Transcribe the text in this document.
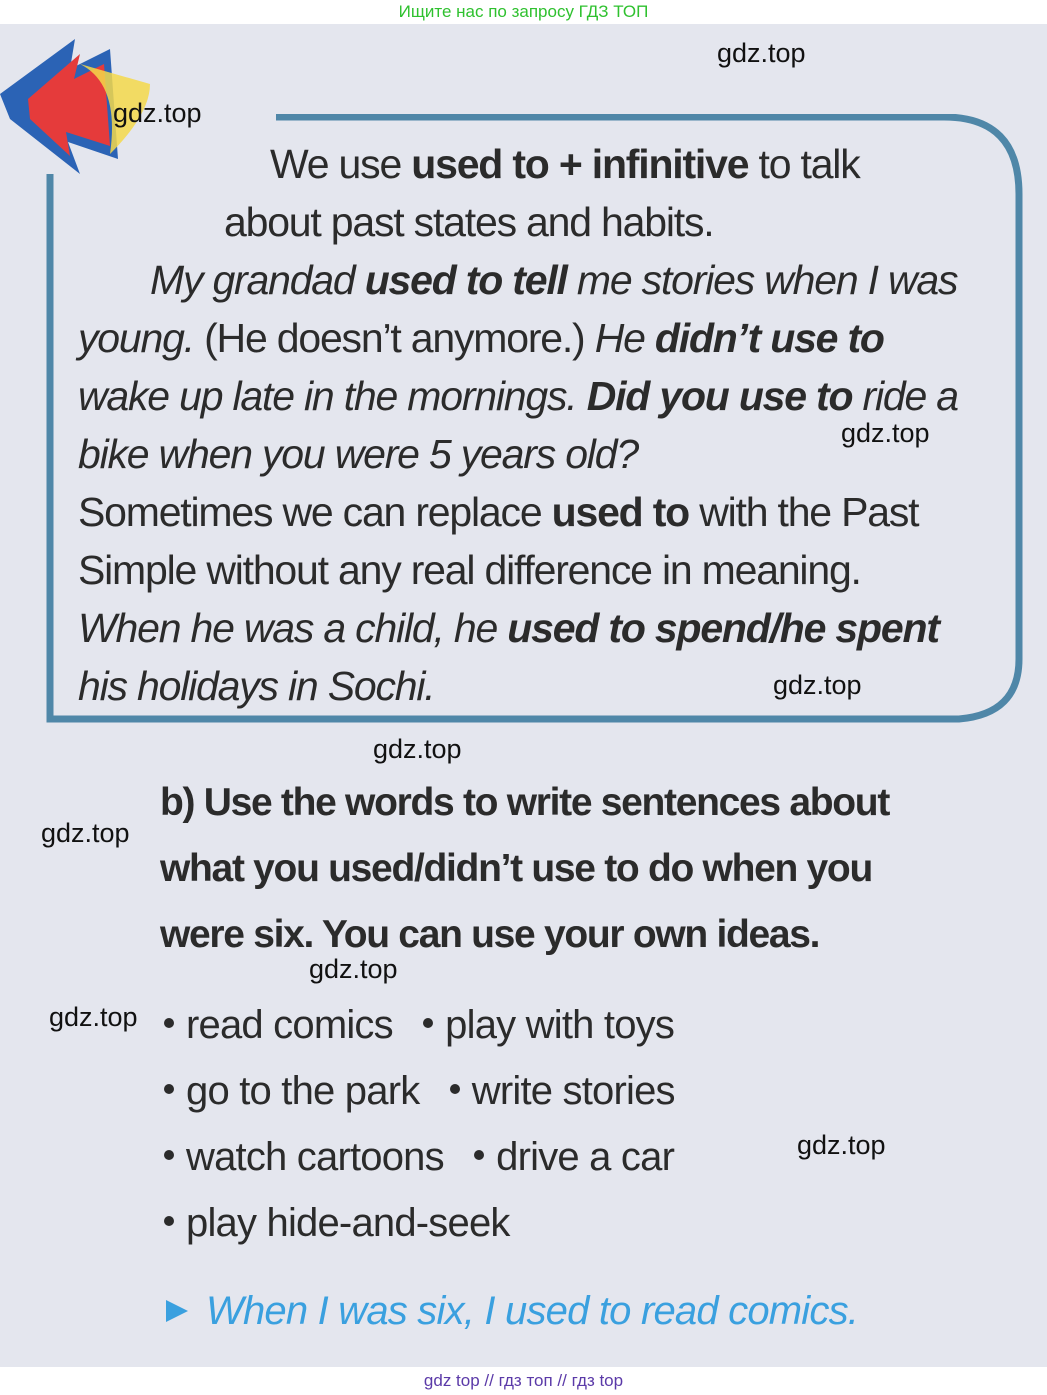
Ищите нас по запросу ГДЗ ТОП
gdz.top
gdz.top
gdz.top
gdz.top
gdz.top
gdz.top
gdz.top
gdz.top
gdz.top

We use used to + infinitive to talk

about past states and habits.

My grandad used to tell me stories when I was

young. (He doesn’t anymore.) He didn’t use to

wake up late in the mornings. Did you use to ride a

bike when you were 5 years old?

Sometimes we can replace used to with the Past

Simple without any real difference in meaning.

When he was a child, he used to spend/he spent

his holidays in Sochi.

b) Use the words to write sentences about

what you used/didn’t use to do when you

were six. You can use your own ideas.

read comics play with toys
go to the park write stories
watch cartoons drive a car
play hide-and-seek
When I was six, I used to read comics.
gdz top // гдз топ // гдз top
